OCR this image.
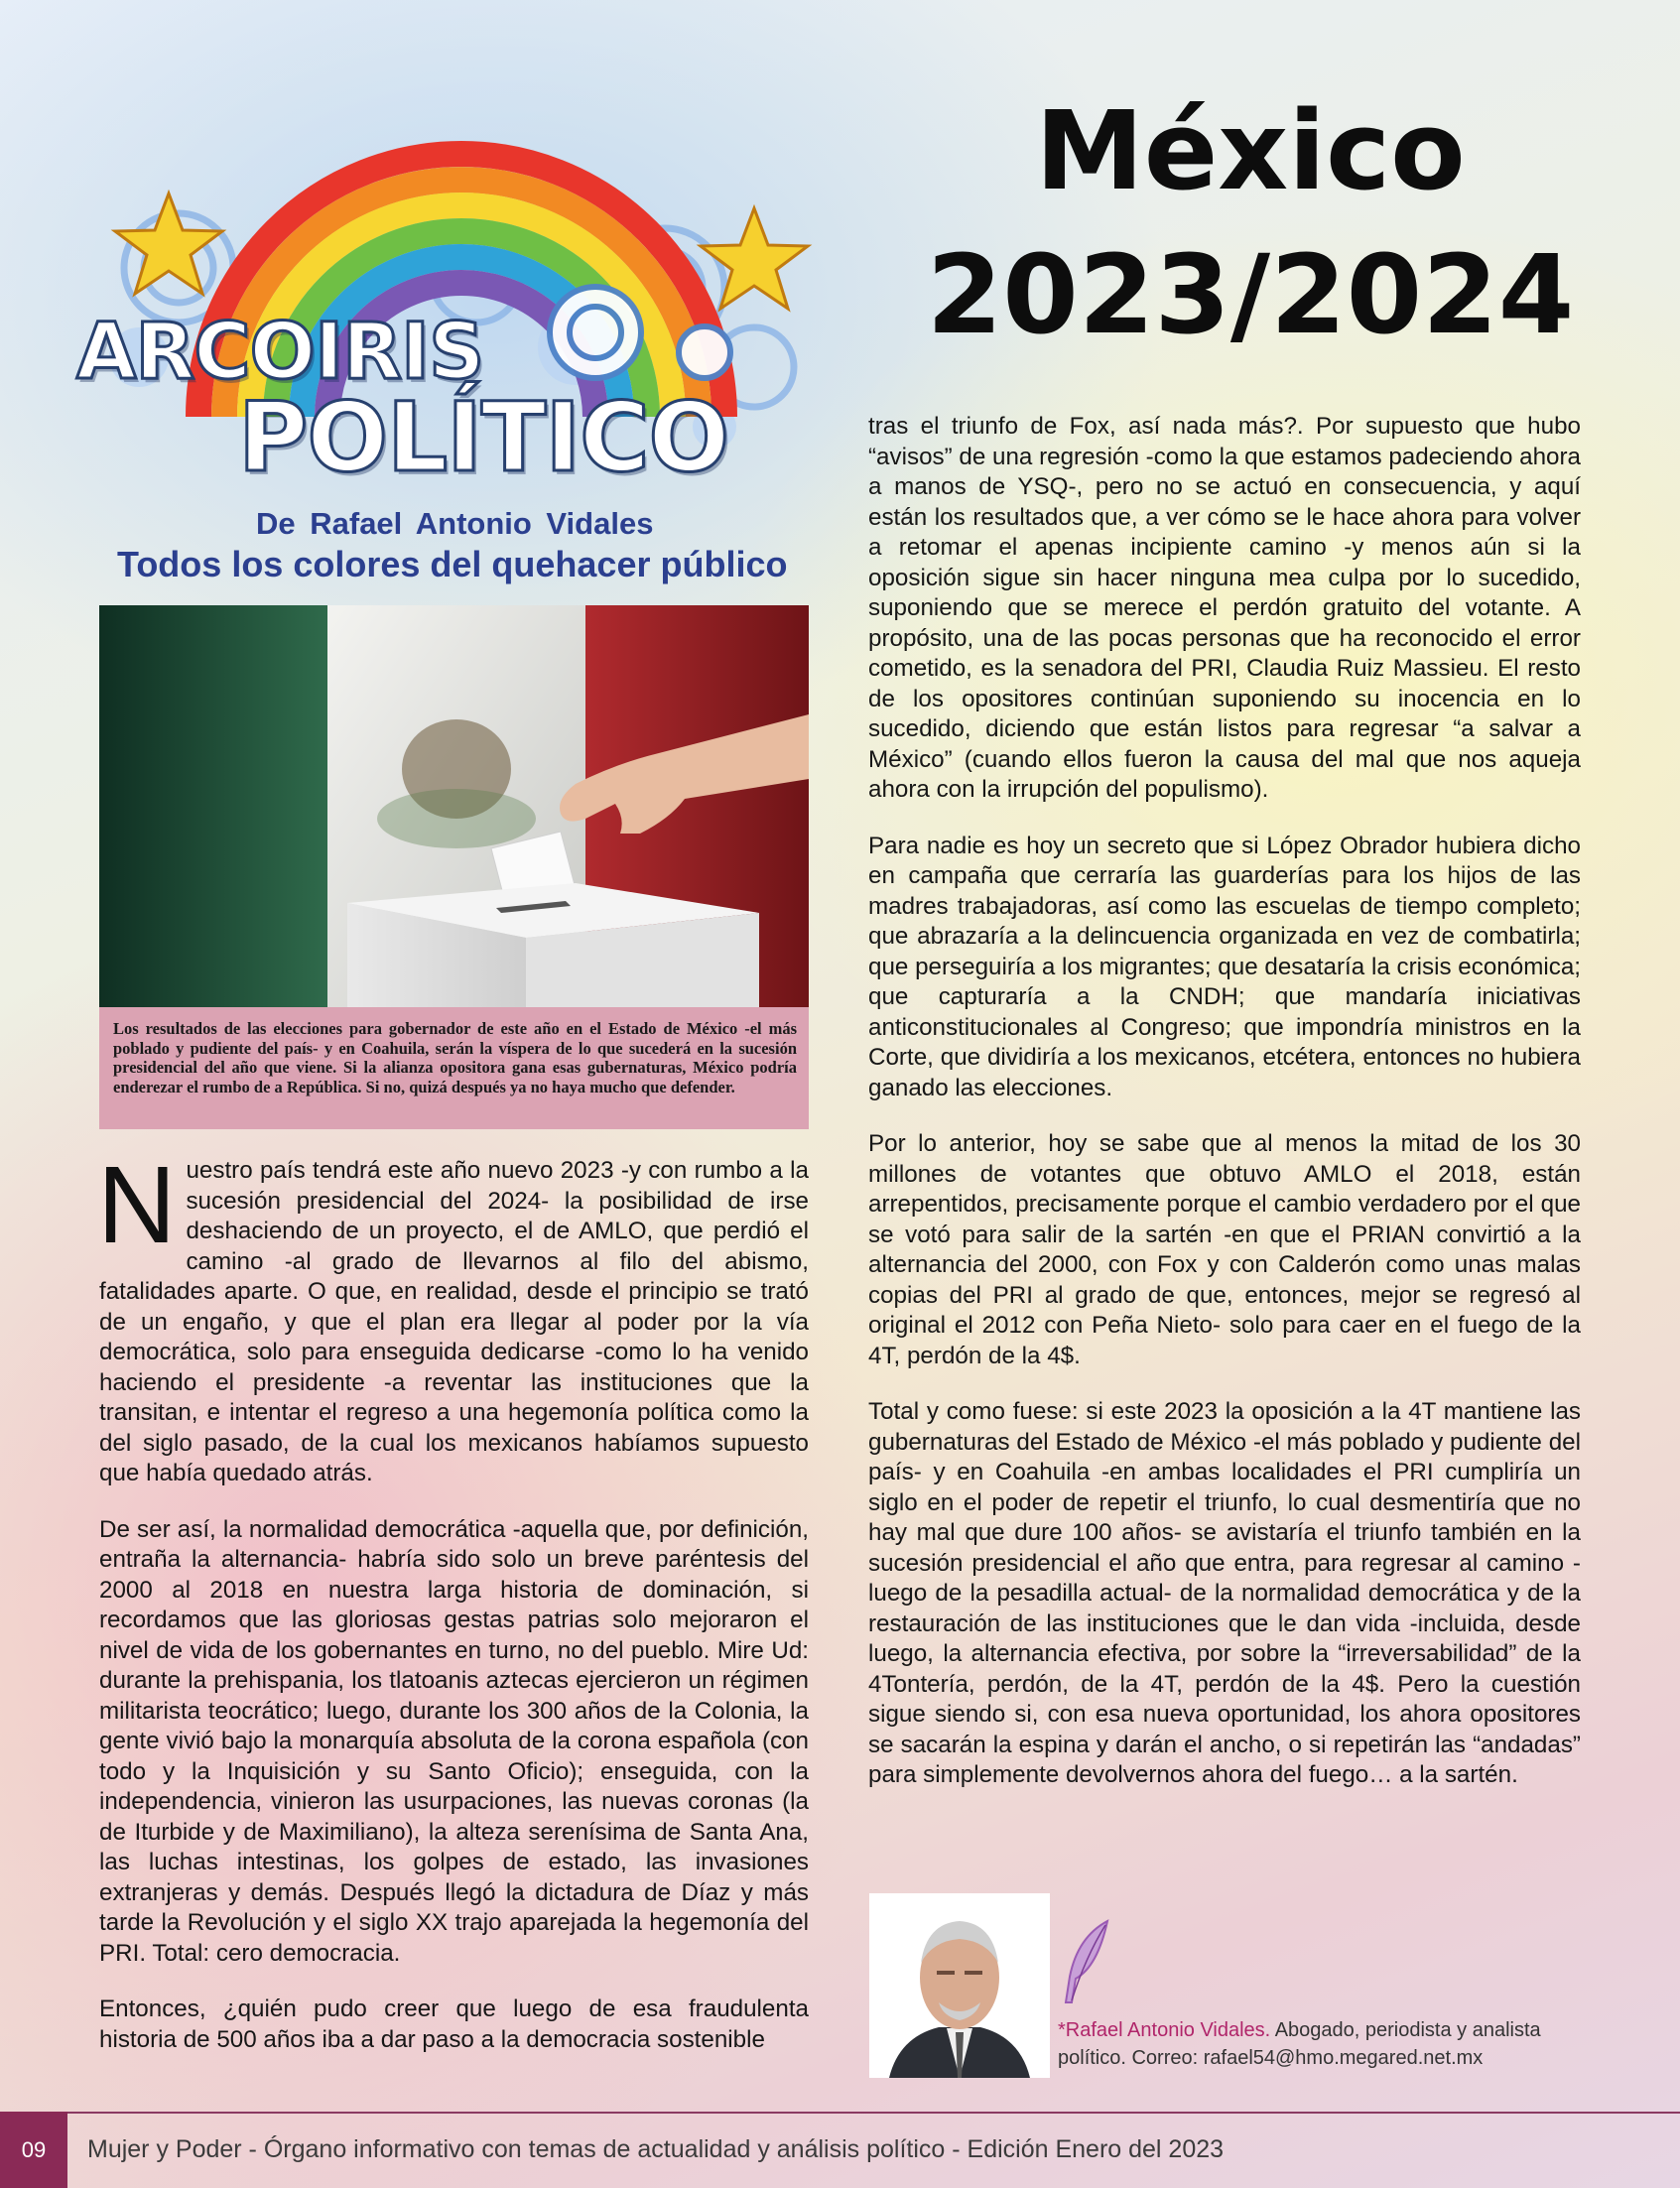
ARCOIRIS
POLÍTICO
De Rafael Antonio Vidales
Todos los colores del quehacer público
México
2023/2024
Los resultados de las elecciones para gobernador de este año en el Estado de México -el más poblado y pudiente del país- y en Coahuila, serán la víspera de lo que sucederá en la sucesión presidencial del año que viene. Si la alianza opositora gana esas gubernaturas, México podría enderezar el rumbo de a República. Si no, quizá después ya no haya mucho que defender.

Nuestro país tendrá este año nuevo 2023 -y con rumbo a la sucesión presidencial del 2024- la posibilidad de irse deshaciendo de un proyecto, el de AMLO, que perdió el camino -al grado de llevarnos al filo del abismo, fatalidades aparte. O que, en realidad, desde el principio se trató de un engaño, y que el plan era llegar al poder por la vía democrática, solo para enseguida dedicarse -como lo ha venido haciendo el presidente -a reventar las instituciones que la transitan, e intentar el regreso a una hegemonía política como la del siglo pasado, de la cual los mexicanos habíamos supuesto que había quedado atrás.

De ser así, la normalidad democrática -aquella que, por definición, entraña la alternancia- habría sido solo un breve paréntesis del 2000 al 2018 en nuestra larga historia de dominación, si recordamos que las gloriosas gestas patrias solo mejoraron el nivel de vida de los gobernantes en turno, no del pueblo. Mire Ud: durante la prehispania, los tlatoanis aztecas ejercieron un régimen militarista teocrático; luego, durante los 300 años de la Colonia, la gente vivió bajo la monarquía absoluta de la corona española (con todo y la Inquisición y su Santo Oficio); enseguida, con la independencia, vinieron las usurpaciones, las nuevas coronas (la de Iturbide y de Maximiliano), la alteza serenísima de Santa Ana, las luchas intestinas, los golpes de estado, las invasiones extranjeras y demás. Después llegó la dictadura de Díaz y más tarde la Revolución y el siglo XX trajo aparejada la hegemonía del PRI. Total: cero democracia.

Entonces, ¿quién pudo creer que luego de esa fraudulenta historia de 500 años iba a dar paso a la democracia sostenible

tras el triunfo de Fox, así nada más?. Por supuesto que hubo “avisos” de una regresión -como la que estamos padeciendo ahora a manos de YSQ-, pero no se actuó en consecuencia, y aquí están los resultados que, a ver cómo se le hace ahora para volver a retomar el apenas incipiente camino -y menos aún si la oposición sigue sin hacer ninguna mea culpa por lo sucedido, suponiendo que se merece el perdón gratuito del votante. A propósito, una de las pocas personas que ha reconocido el error cometido, es la senadora del PRI, Claudia Ruiz Massieu. El resto de los opositores continúan suponiendo su inocencia en lo sucedido, diciendo que están listos para regresar “a salvar a México” (cuando ellos fueron la causa del mal que nos aqueja ahora con la irrupción del populismo).

Para nadie es hoy un secreto que si López Obrador hubiera dicho en campaña que cerraría las guarderías para los hijos de las madres trabajadoras, así como las escuelas de tiempo completo; que abrazaría a la delincuencia organizada en vez de combatirla; que perseguiría a los migrantes; que desataría la crisis económica; que capturaría a la CNDH; que mandaría iniciativas anticonstitucionales al Congreso; que impondría ministros en la Corte, que dividiría a los mexicanos, etcétera, entonces no hubiera ganado las elecciones.

Por lo anterior, hoy se sabe que al menos la mitad de los 30 millones de votantes que obtuvo AMLO el 2018, están arrepentidos, precisamente porque el cambio verdadero por el que se votó para salir de la sartén -en que el PRIAN convirtió a la alternancia del 2000, con Fox y con Calderón como unas malas copias del PRI al grado de que, entonces, mejor se regresó al original el 2012 con Peña Nieto- solo para caer en el fuego de la 4T, perdón de la 4$.

Total y como fuese: si este 2023 la oposición a la 4T mantiene las gubernaturas del Estado de México -el más poblado y pudiente del país- y en Coahuila -en ambas localidades el PRI cumpliría un siglo en el poder de repetir el triunfo, lo cual desmentiría que no hay mal que dure 100 años- se avistaría el triunfo también en la sucesión presidencial el año que entra, para regresar al camino -luego de la pesadilla actual- de la normalidad democrática y de la restauración de las instituciones que le dan vida -incluida, desde luego, la alternancia efectiva, por sobre la “irreversabilidad” de la 4Tontería, perdón, de la 4T, perdón de la 4$. Pero la cuestión sigue siendo si, con esa nueva oportunidad, los ahora opositores se sacarán la espina y darán el ancho, o si repetirán las “andadas” para simplemente devolvernos ahora del fuego… a la sartén.

*Rafael Antonio Vidales. Abogado, periodista y analista político. Correo: rafael54@hmo.megared.net.mx
09	Mujer y Poder - Órgano informativo con temas de actualidad y análisis político - Edición Enero del 2023
